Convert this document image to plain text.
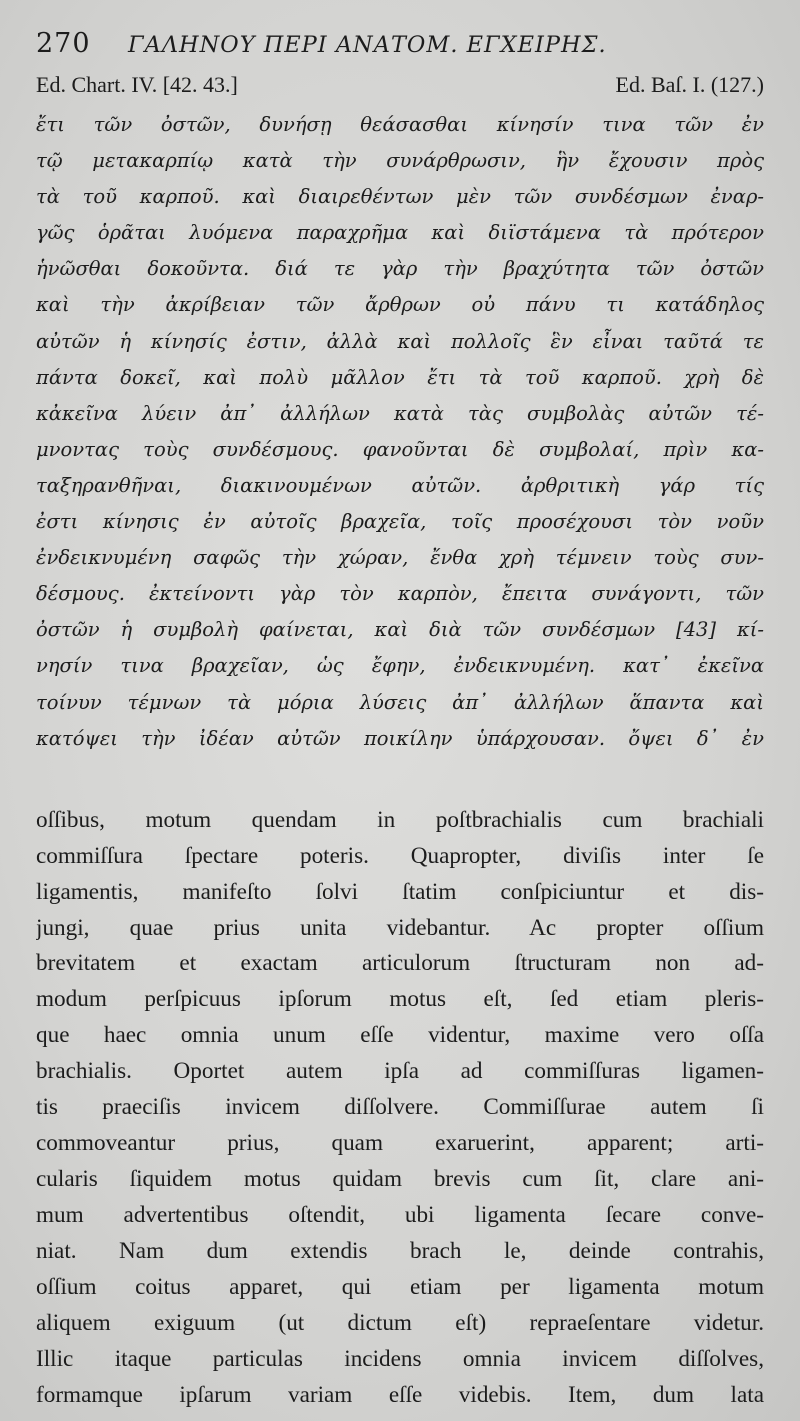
270	ΓΑΛΗΝΟΥ ΠΕΡΙ ΑΝΑΤΟΜ. ΕΓΧΕΙΡΗΣ.
Ed. Chart. IV. [42. 43.]	Ed. Baſ. I. (127.)
ἔτι τῶν ὀστῶν, δυνήσῃ θεάσασθαι κίνησίν τινα τῶν ἐν
τῷ μετακαρπίῳ κατὰ τὴν συνάρθρωσιν, ἣν ἔχουσιν πρὸς
τὰ τοῦ καρποῦ. καὶ διαιρεθέντων μὲν τῶν συνδέσμων ἐναρ-
γῶς ὁρᾶται λυόμενα παραχρῆμα καὶ διϊστάμενα τὰ πρότερον
ἡνῶσθαι δοκοῦντα. διά τε γὰρ τὴν βραχύτητα τῶν ὀστῶν
καὶ τὴν ἀκρίβειαν τῶν ἄρθρων οὐ πάνυ τι κατάδηλος
αὐτῶν ἡ κίνησίς ἐστιν, ἀλλὰ καὶ πολλοῖς ἓν εἶναι ταῦτά τε
πάντα δοκεῖ, καὶ πολὺ μᾶλλον ἔτι τὰ τοῦ καρποῦ. χρὴ δὲ
κἀκεῖνα λύειν ἀπ᾿ ἀλλήλων κατὰ τὰς συμβολὰς αὐτῶν τέ-
μνοντας τοὺς συνδέσμους. φανοῦνται δὲ συμβολαί, πρὶν κα-
ταξηρανθῆναι, διακινουμένων αὐτῶν. ἀρθριτικὴ γάρ τίς
ἐστι κίνησις ἐν αὐτοῖς βραχεῖα, τοῖς προσέχουσι τὸν νοῦν
ἐνδεικνυμένη σαφῶς τὴν χώραν, ἔνθα χρὴ τέμνειν τοὺς συν-
δέσμους. ἐκτείνοντι γὰρ τὸν καρπὸν, ἔπειτα συνάγοντι, τῶν
ὀστῶν ἡ συμβολὴ φαίνεται, καὶ διὰ τῶν συνδέσμων [43] κί-
νησίν τινα βραχεῖαν, ὡς ἔφην, ἐνδεικνυμένη. κατ᾿ ἐκεῖνα
τοίνυν τέμνων τὰ μόρια λύσεις ἀπ᾿ ἀλλήλων ἅπαντα καὶ
κατόψει τὴν ἰδέαν αὐτῶν ποικίλην ὑπάρχουσαν. ὄψει δ᾿ ἐν
oſſibus, motum quendam in poſtbrachialis cum brachiali
commiſſura ſpectare poteris. Quapropter, diviſis inter ſe
ligamentis, manifeſto ſolvi ſtatim conſpiciuntur et dis-
jungi, quae prius unita videbantur. Ac propter oſſium
brevitatem et exactam articulorum ſtructuram non ad-
modum perſpicuus ipſorum motus eſt, ſed etiam pleris-
que haec omnia unum eſſe videntur, maxime vero oſſa
brachialis. Oportet autem ipſa ad commiſſuras ligamen-
tis praeciſis invicem diſſolvere. Commiſſurae autem ſi
commoveantur prius, quam exaruerint, apparent; arti-
cularis ſiquidem motus quidam brevis cum ſit, clare ani-
mum advertentibus oſtendit, ubi ligamenta ſecare conve-
niat. Nam dum extendis brach le, deinde contrahis,
oſſium coitus apparet, qui etiam per ligamenta motum
aliquem exiguum (ut dictum eſt) repraeſentare videtur.
Illic itaque particulas incidens omnia invicem diſſolves,
formamque ipſarum variam eſſe videbis. Item, dum lata
